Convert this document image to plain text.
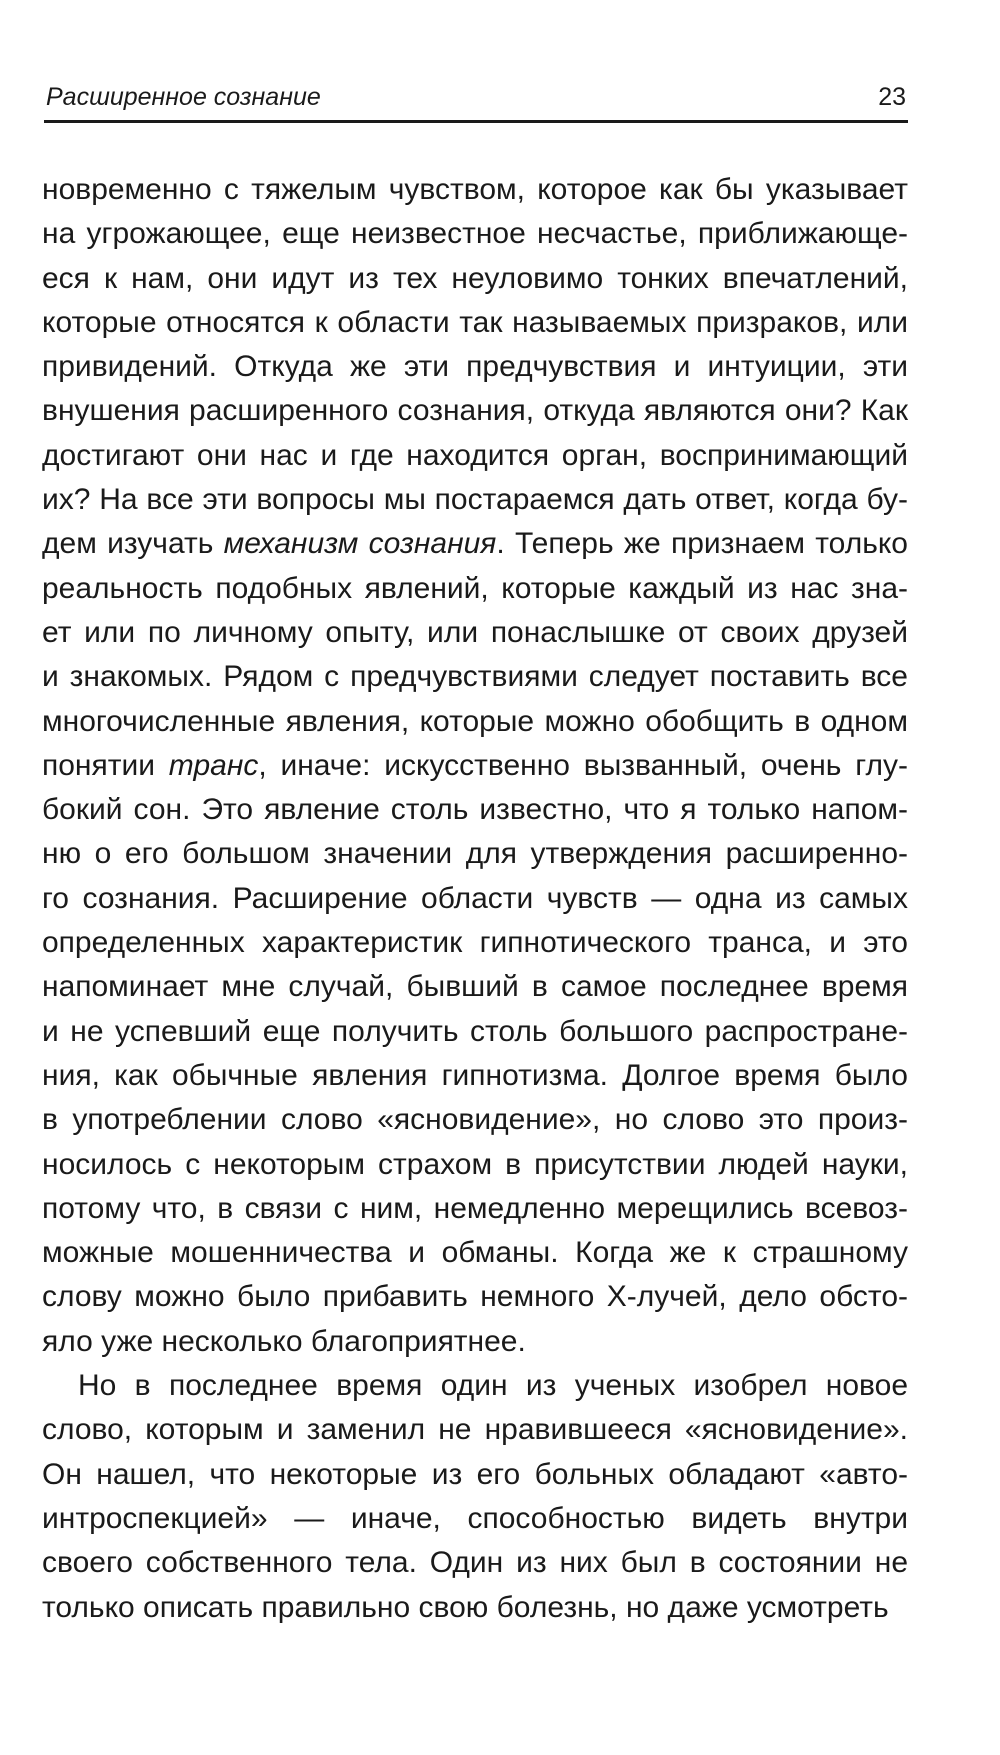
Расширенное сознание	23
новременно с тяжелым чувством, которое как бы указывает
на угрожающее, еще неизвестное несчастье, приближающе-
еся к нам, они идут из тех неуловимо тонких впечатлений,
которые относятся к области так называемых призраков, или
привидений. Откуда же эти предчувствия и интуиции, эти
внушения расширенного сознания, откуда являются они? Как
достигают они нас и где находится орган, воспринимающий
их? На все эти вопросы мы постараемся дать ответ, когда бу-
дем изучать механизм сознания. Теперь же признаем только
реальность подобных явлений, которые каждый из нас зна-
ет или по личному опыту, или понаслышке от своих друзей
и знакомых. Рядом с предчувствиями следует поставить все
многочисленные явления, которые можно обобщить в одном
понятии транс, иначе: искусственно вызванный, очень глу-
бокий сон. Это явление столь известно, что я только напом-
ню о его большом значении для утверждения расширенно-
го сознания. Расширение области чувств — одна из самых
определенных характеристик гипнотического транса, и это
напоминает мне случай, бывший в самое последнее время
и не успевший еще получить столь большого распростране-
ния, как обычные явления гипнотизма. Долгое время было
в употреблении слово «ясновидение», но слово это произ-
носилось с некоторым страхом в присутствии людей науки,
потому что, в связи с ним, немедленно мерещились всевоз-
можные мошенничества и обманы. Когда же к страшному
слову можно было прибавить немного Х-лучей, дело обсто-
яло уже несколько благоприятнее.
Но в последнее время один из ученых изобрел новое
слово, которым и заменил не нравившееся «ясновидение».
Он нашел, что некоторые из его больных обладают «авто-
интроспекцией» — иначе, способностью видеть внутри
своего собственного тела. Один из них был в состоянии не
только описать правильно свою болезнь, но даже усмотреть
